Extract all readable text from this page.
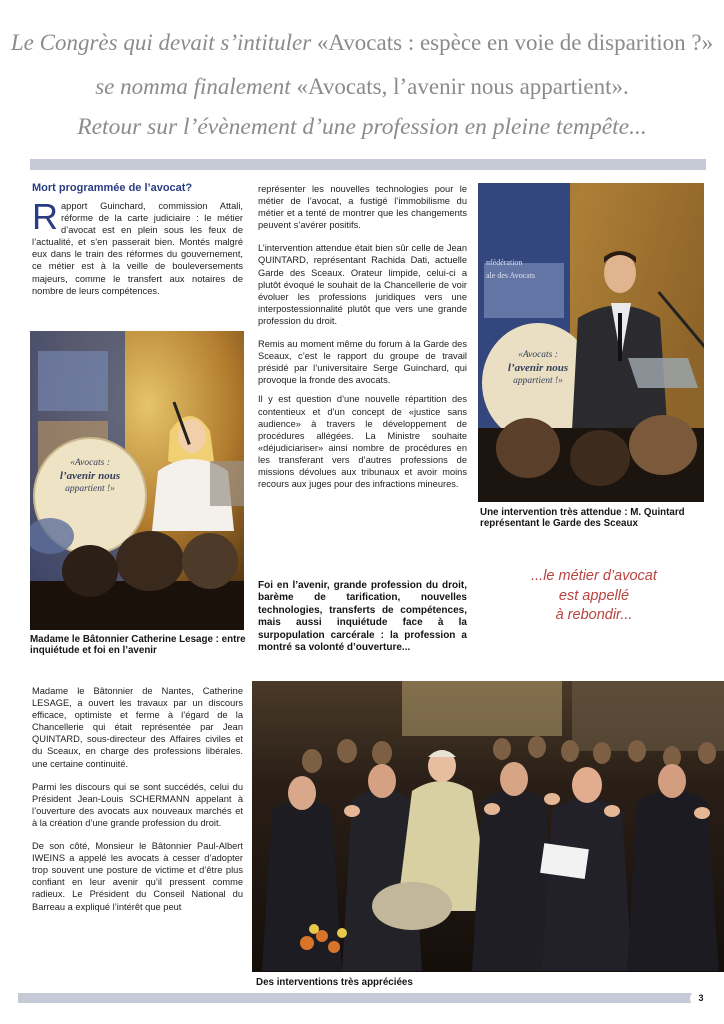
Le Congrès qui devait s’intituler «Avocats : espèce en voie de disparition ?»
se nomma finalement «Avocats, l’avenir nous appartient».
Retour sur l’évènement d’une profession en pleine tempête...
Mort programmée de l’avocat?
Rapport Guinchard, commission Attali, réforme de la carte judiciaire : le métier d’avocat est en plein sous les feux de l’actualité, et s’en passerait bien. Montés malgré eux dans le train des réformes du gouvernement, ce métier est à la veille de bouleversements majeurs, comme le transfert aux notaires de nombre de leurs compétences.
«Avocats :
l’avenir nous
appartient !»

Madame le Bâtonnier Catherine Lesage : entre inquiétude et foi en l’avenir

représenter les nouvelles technologies pour le métier de l’avocat, a fustigé l’immobilisme du métier et a tenté de montrer que les changements peuvent s’avérer positifs.

L’intervention attendue était bien sûr celle de Jean QUINTARD, représentant Rachida Dati, actuelle Garde des Sceaux. Orateur limpide, celui-ci a plutôt évoqué le souhait de la Chancellerie de voir évoluer les professions juridiques vers une interpostessionnalité plutôt que vers une grande profession du droit.

Remis au moment même du forum à la Garde des Sceaux, c’est le rapport du groupe de travail présidé par l’universitaire Serge Guinchard, qui provoque la fronde des avocats.

Il y est question d’une nouvelle répartition des contentieux et d’un concept de «justice sans audience» à travers le développement de procédures allégées. La Ministre souhaite «déjudiciariser» ainsi nombre de procédures en les transferant vers d’autres professions de missions dévolues aux tribunaux et avoir moins recours aux juges pour des infractions mineures.

Foi en l’avenir, grande profession du droit, barème de tarification, nouvelles technologies, transferts de compétences, mais aussi inquiétude face à la surpopulation carcérale : la profession a montré sa volonté d’ouverture...

nfédération
ale des Avocats
«Avocats :
l’avenir nous
appartient !»

Une intervention très attendue : M. Quintard représentant le Garde des Sceaux

...le métier d’avocat
est appellé
à rebondir...

Madame le Bâtonnier de Nantes, Catherine LESAGE, a ouvert les travaux par un discours efficace, optimiste et ferme à l’égard de la Chancellerie qui était représentée par Jean QUINTARD, sous-directeur des Affaires civiles et du Sceaux, en charge des professions libérales. une certaine continuité.

Parmi les discours qui se sont succédés, celui du Président Jean-Louis SCHERMANN appelant à l’ouverture des avocats aux nouveaux marchés et à la création d’une grande profession du droit.

De son côté, Monsieur le Bâtonnier Paul-Albert IWEINS a appelé les avocats à cesser d’adopter trop souvent une posture de victime et d’être plus confiant en leur avenir qu’il pressent comme radieux. Le Président du Conseil National du Barreau a expliqué l’intérêt que peut

Des interventions très appréciées

3
